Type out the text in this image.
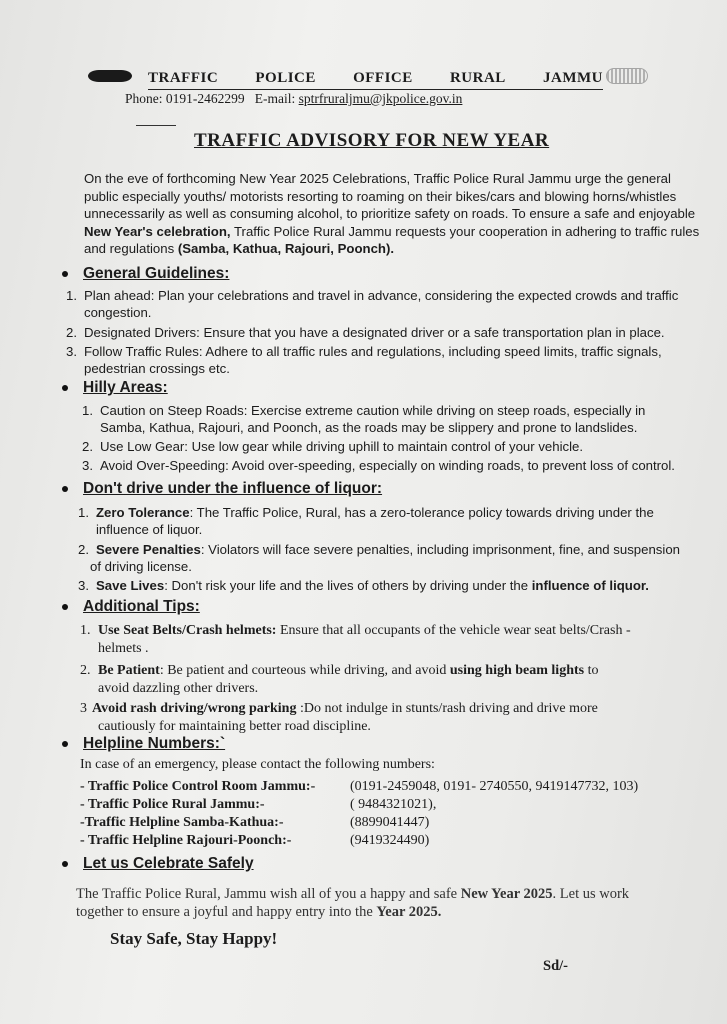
TRAFFIC POLICE OFFICE RURAL JAMMU
Phone: 0191-2462299 E-mail: sptrfruraljmu@jkpolice.gov.in
TRAFFIC ADVISORY FOR NEW YEAR

On the eve of forthcoming New Year 2025 Celebrations, Traffic Police Rural Jammu urge the general

public especially youths/ motorists resorting to roaming on their bikes/cars and blowing horns/whistles

unnecessarily as well as consuming alcohol, to prioritize safety on roads. To ensure a safe and enjoyable

New Year's celebration, Traffic Police Rural Jammu requests your cooperation in adhering to traffic rules

and regulations (Samba, Kathua, Rajouri, Poonch).

General Guidelines:
1. Plan ahead: Plan your celebrations and travel in advance, considering the expected crowds and traffic
congestion.
2. Designated Drivers: Ensure that you have a designated driver or a safe transportation plan in place.
3. Follow Traffic Rules: Adhere to all traffic rules and regulations, including speed limits, traffic signals,
pedestrian crossings etc.
Hilly Areas:
1. Caution on Steep Roads: Exercise extreme caution while driving on steep roads, especially in
Samba, Kathua, Rajouri, and Poonch, as the roads may be slippery and prone to landslides.
2. Use Low Gear: Use low gear while driving uphill to maintain control of your vehicle.
3. Avoid Over-Speeding: Avoid over-speeding, especially on winding roads, to prevent loss of control.
Don't drive under the influence of liquor:
1. Zero Tolerance: The Traffic Police, Rural, has a zero-tolerance policy towards driving under the
influence of liquor.
2. Severe Penalties: Violators will face severe penalties, including imprisonment, fine, and suspension
of driving license.
3. Save Lives: Don't risk your life and the lives of others by driving under the influence of liquor.
Additional Tips:
1. Use Seat Belts/Crash helmets: Ensure that all occupants of the vehicle wear seat belts/Crash -
helmets .
2. Be Patient: Be patient and courteous while driving, and avoid using high beam lights to
avoid dazzling other drivers.
3 Avoid rash driving/wrong parking :Do not indulge in stunts/rash driving and drive more
cautiously for maintaining better road discipline.
Helpline Numbers:`
In case of an emergency, please contact the following numbers:
- Traffic Police Control Room Jammu:-	(0191-2459048, 0191- 2740550, 9419147732, 103)
- Traffic Police Rural Jammu:-	( 9484321021),
-Traffic Helpline Samba-Kathua:-	(8899041447)
- Traffic Helpline Rajouri-Poonch:-	(9419324490)
Let us Celebrate Safely

The Traffic Police Rural, Jammu wish all of you a happy and safe New Year 2025. Let us work

together to ensure a joyful and happy entry into the Year 2025.

Stay Safe, Stay Happy!
Sd/-
